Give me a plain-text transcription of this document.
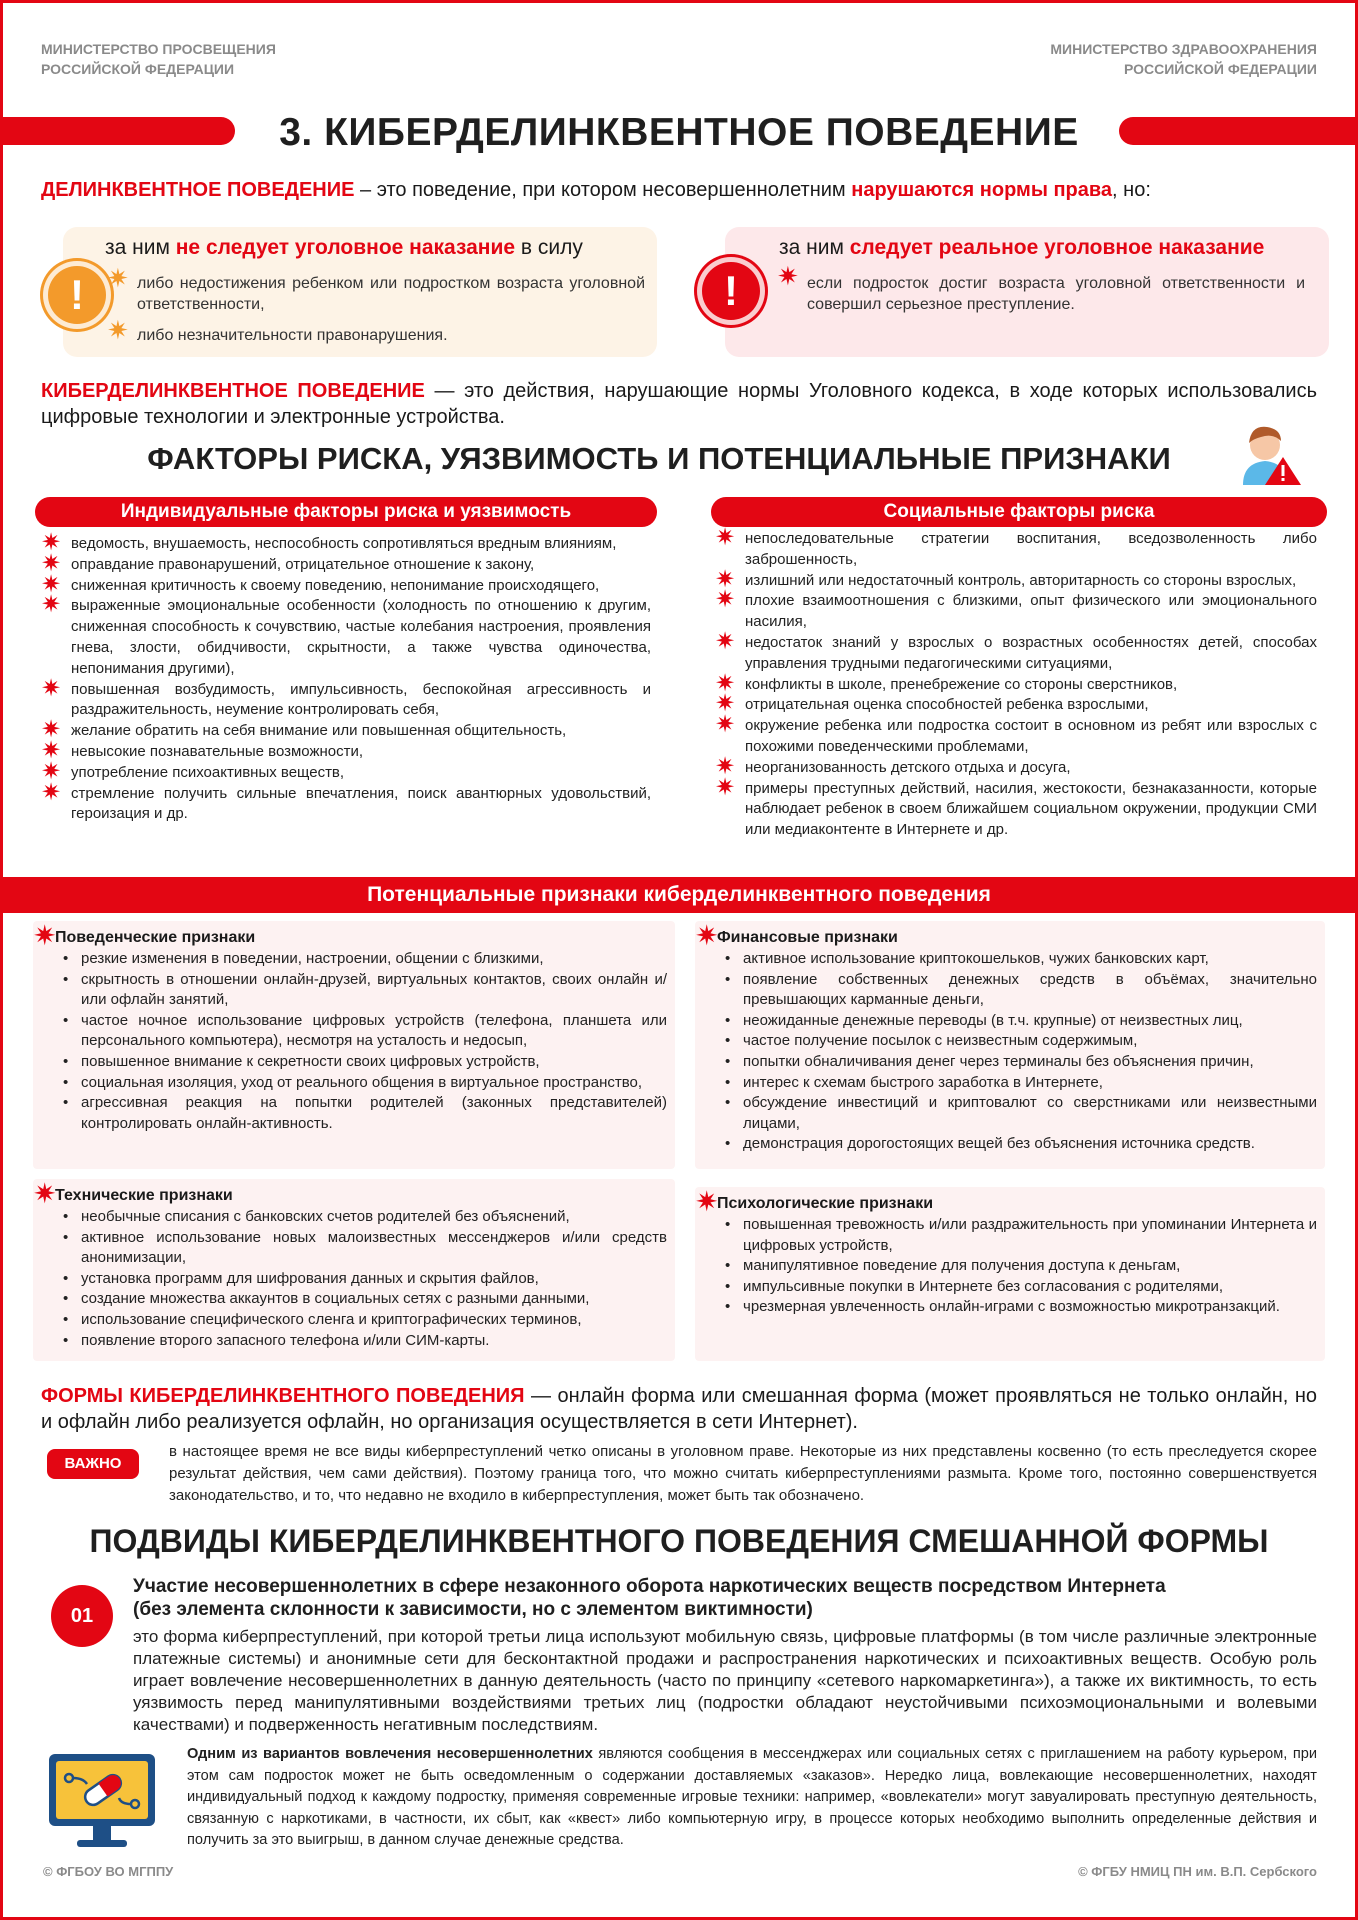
МИНИСТЕРСТВО ПРОСВЕЩЕНИЯ
РОССИЙСКОЙ ФЕДЕРАЦИИ
МИНИСТЕРСТВО ЗДРАВООХРАНЕНИЯ
РОССИЙСКОЙ ФЕДЕРАЦИИ
3. КИБЕРДЕЛИНКВЕНТНОЕ ПОВЕДЕНИЕ
ДЕЛИНКВЕНТНОЕ ПОВЕДЕНИЕ – это поведение, при котором несовершеннолетним нарушаются нормы права, но:
!
за ним не следует уголовное наказание в силу
✷ либо недостижения ребенком или подростком возраста уголовной ответственности,
✷ либо незначительности правонарушения.
!
за ним следует реальное уголовное наказание
✷ если подросток достиг возраста уголовной ответственности и совершил серьезное преступление.
КИБЕРДЕЛИНКВЕНТНОЕ ПОВЕДЕНИЕ — это действия, нарушающие нормы Уголовного кодекса, в ходе которых использовались цифровые технологии и электронные устройства.
ФАКТОРЫ РИСКА, УЯЗВИМОСТЬ И ПОТЕНЦИАЛЬНЫЕ ПРИЗНАКИ
Индивидуальные факторы риска и уязвимость
✷ ведомость, внушаемость, неспособность сопротивляться вредным влияниям,
✷ оправдание правонарушений, отрицательное отношение к закону,
✷ сниженная критичность к своему поведению, непонимание происходящего,
✷ выраженные эмоциональные особенности (холодность по отношению к другим, сниженная способность к сочувствию, частые колебания настроения, проявления гнева, злости, обидчивости, скрытности, а также чувства одиночества, непонимания другими),
✷ повышенная возбудимость, импульсивность, беспокойная агрессивность и раздражительность, неумение контролировать себя,
✷ желание обратить на себя внимание или повышенная общительность,
✷ невысокие познавательные возможности,
✷ употребление психоактивных веществ,
✷ стремление получить сильные впечатления, поиск авантюрных удовольствий, героизация и др.
Социальные факторы риска
✷ непоследовательные стратегии воспитания, вседозволенность либо заброшенность,
✷ излишний или недостаточный контроль, авторитарность со стороны взрослых,
✷ плохие взаимоотношения с близкими, опыт физического или эмоционального насилия,
✷ недостаток знаний у взрослых о возрастных особенностях детей, способах управления трудными педагогическими ситуациями,
✷ конфликты в школе, пренебрежение со стороны сверстников,
✷ отрицательная оценка способностей ребенка взрослыми,
✷ окружение ребенка или подростка состоит в основном из ребят или взрослых с похожими поведенческими проблемами,
✷ неорганизованность детского отдыха и досуга,
✷ примеры преступных действий, насилия, жестокости, безнаказанности, которые наблюдает ребенок в своем ближайшем социальном окружении, продукции СМИ или медиаконтенте в Интернете и др.
Потенциальные признаки киберделинквентного поведения
✷
Поведенческие признаки
• резкие изменения в поведении, настроении, общении с близкими,
• скрытность в отношении онлайн-друзей, виртуальных контактов, своих онлайн и/или офлайн занятий,
• частое ночное использование цифровых устройств (телефона, планшета или персонального компьютера), несмотря на усталость и недосып,
• повышенное внимание к секретности своих цифровых устройств,
• социальная изоляция, уход от реального общения в виртуальное пространство,
• агрессивная реакция на попытки родителей (законных представителей) контролировать онлайн-активность.
✷
Финансовые признаки
• активное использование криптокошельков, чужих банковских карт,
• появление собственных денежных средств в объёмах, значительно превышающих карманные деньги,
• неожиданные денежные переводы (в т.ч. крупные) от неизвестных лиц,
• частое получение посылок с неизвестным содержимым,
• попытки обналичивания денег через терминалы без объяснения причин,
• интерес к схемам быстрого заработка в Интернете,
• обсуждение инвестиций и криптовалют со сверстниками или неизвестными лицами,
• демонстрация дорогостоящих вещей без объяснения источника средств.
✷
Технические признаки
• необычные списания с банковских счетов родителей без объяснений,
• активное использование новых малоизвестных мессенджеров и/или средств анонимизации,
• установка программ для шифрования данных и скрытия файлов,
• создание множества аккаунтов в социальных сетях с разными данными,
• использование специфического сленга и криптографических терминов,
• появление второго запасного телефона и/или СИМ-карты.
✷
Психологические признаки
• повышенная тревожность и/или раздражительность при упоминании Интернета и цифровых устройств,
• манипулятивное поведение для получения доступа к деньгам,
• импульсивные покупки в Интернете без согласования с родителями,
• чрезмерная увлеченность онлайн-играми с возможностью микротранзакций.
ФОРМЫ КИБЕРДЕЛИНКВЕНТНОГО ПОВЕДЕНИЯ — онлайн форма или смешанная форма (может проявляться не только онлайн, но и офлайн либо реализуется офлайн, но организация осуществляется в сети Интернет).
ВАЖНО
в настоящее время не все виды киберпреступлений четко описаны в уголовном праве. Некоторые из них представлены косвенно (то есть преследуется скорее результат действия, чем сами действия). Поэтому граница того, что можно считать киберпреступлениями размыта. Кроме того, постоянно совершенствуется законодательство, и то, что недавно не входило в киберпреступления, может быть так обозначено.
ПОДВИДЫ КИБЕРДЕЛИНКВЕНТНОГО ПОВЕДЕНИЯ СМЕШАННОЙ ФОРМЫ
01
Участие несовершеннолетних в сфере незаконного оборота наркотических веществ посредством Интернета
(без элемента склонности к зависимости, но с элементом виктимности)
это форма киберпреступлений, при которой третьи лица используют мобильную связь, цифровые платформы (в том числе различные электронные платежные системы) и анонимные сети для бесконтактной продажи и распространения наркотических и психоактивных веществ. Особую роль играет вовлечение несовершеннолетних в данную деятельность (часто по принципу «сетевого наркомаркетинга»), а также их виктимность, то есть уязвимость перед манипулятивными воздействиями третьих лиц (подростки обладают неустойчивыми психоэмоциональными и волевыми качествами) и подверженность негативным последствиям.
Одним из вариантов вовлечения несовершеннолетних являются сообщения в мессенджерах или социальных сетях с приглашением на работу курьером, при этом сам подросток может не быть осведомленным о содержании доставляемых «заказов». Нередко лица, вовлекающие несовершеннолетних, находят индивидуальный подход к каждому подростку, применяя современные игровые техники: например, «вовлекатели» могут завуалировать преступную деятельность, связанную с наркотиками, в частности, их сбыт, как «квест» либо компьютерную игру, в процессе которых необходимо выполнить определенные действия и получить за это выигрыш, в данном случае денежные средства.
© ФГБОУ ВО МГППУ	© ФГБУ НМИЦ ПН им. В.П. Сербского
